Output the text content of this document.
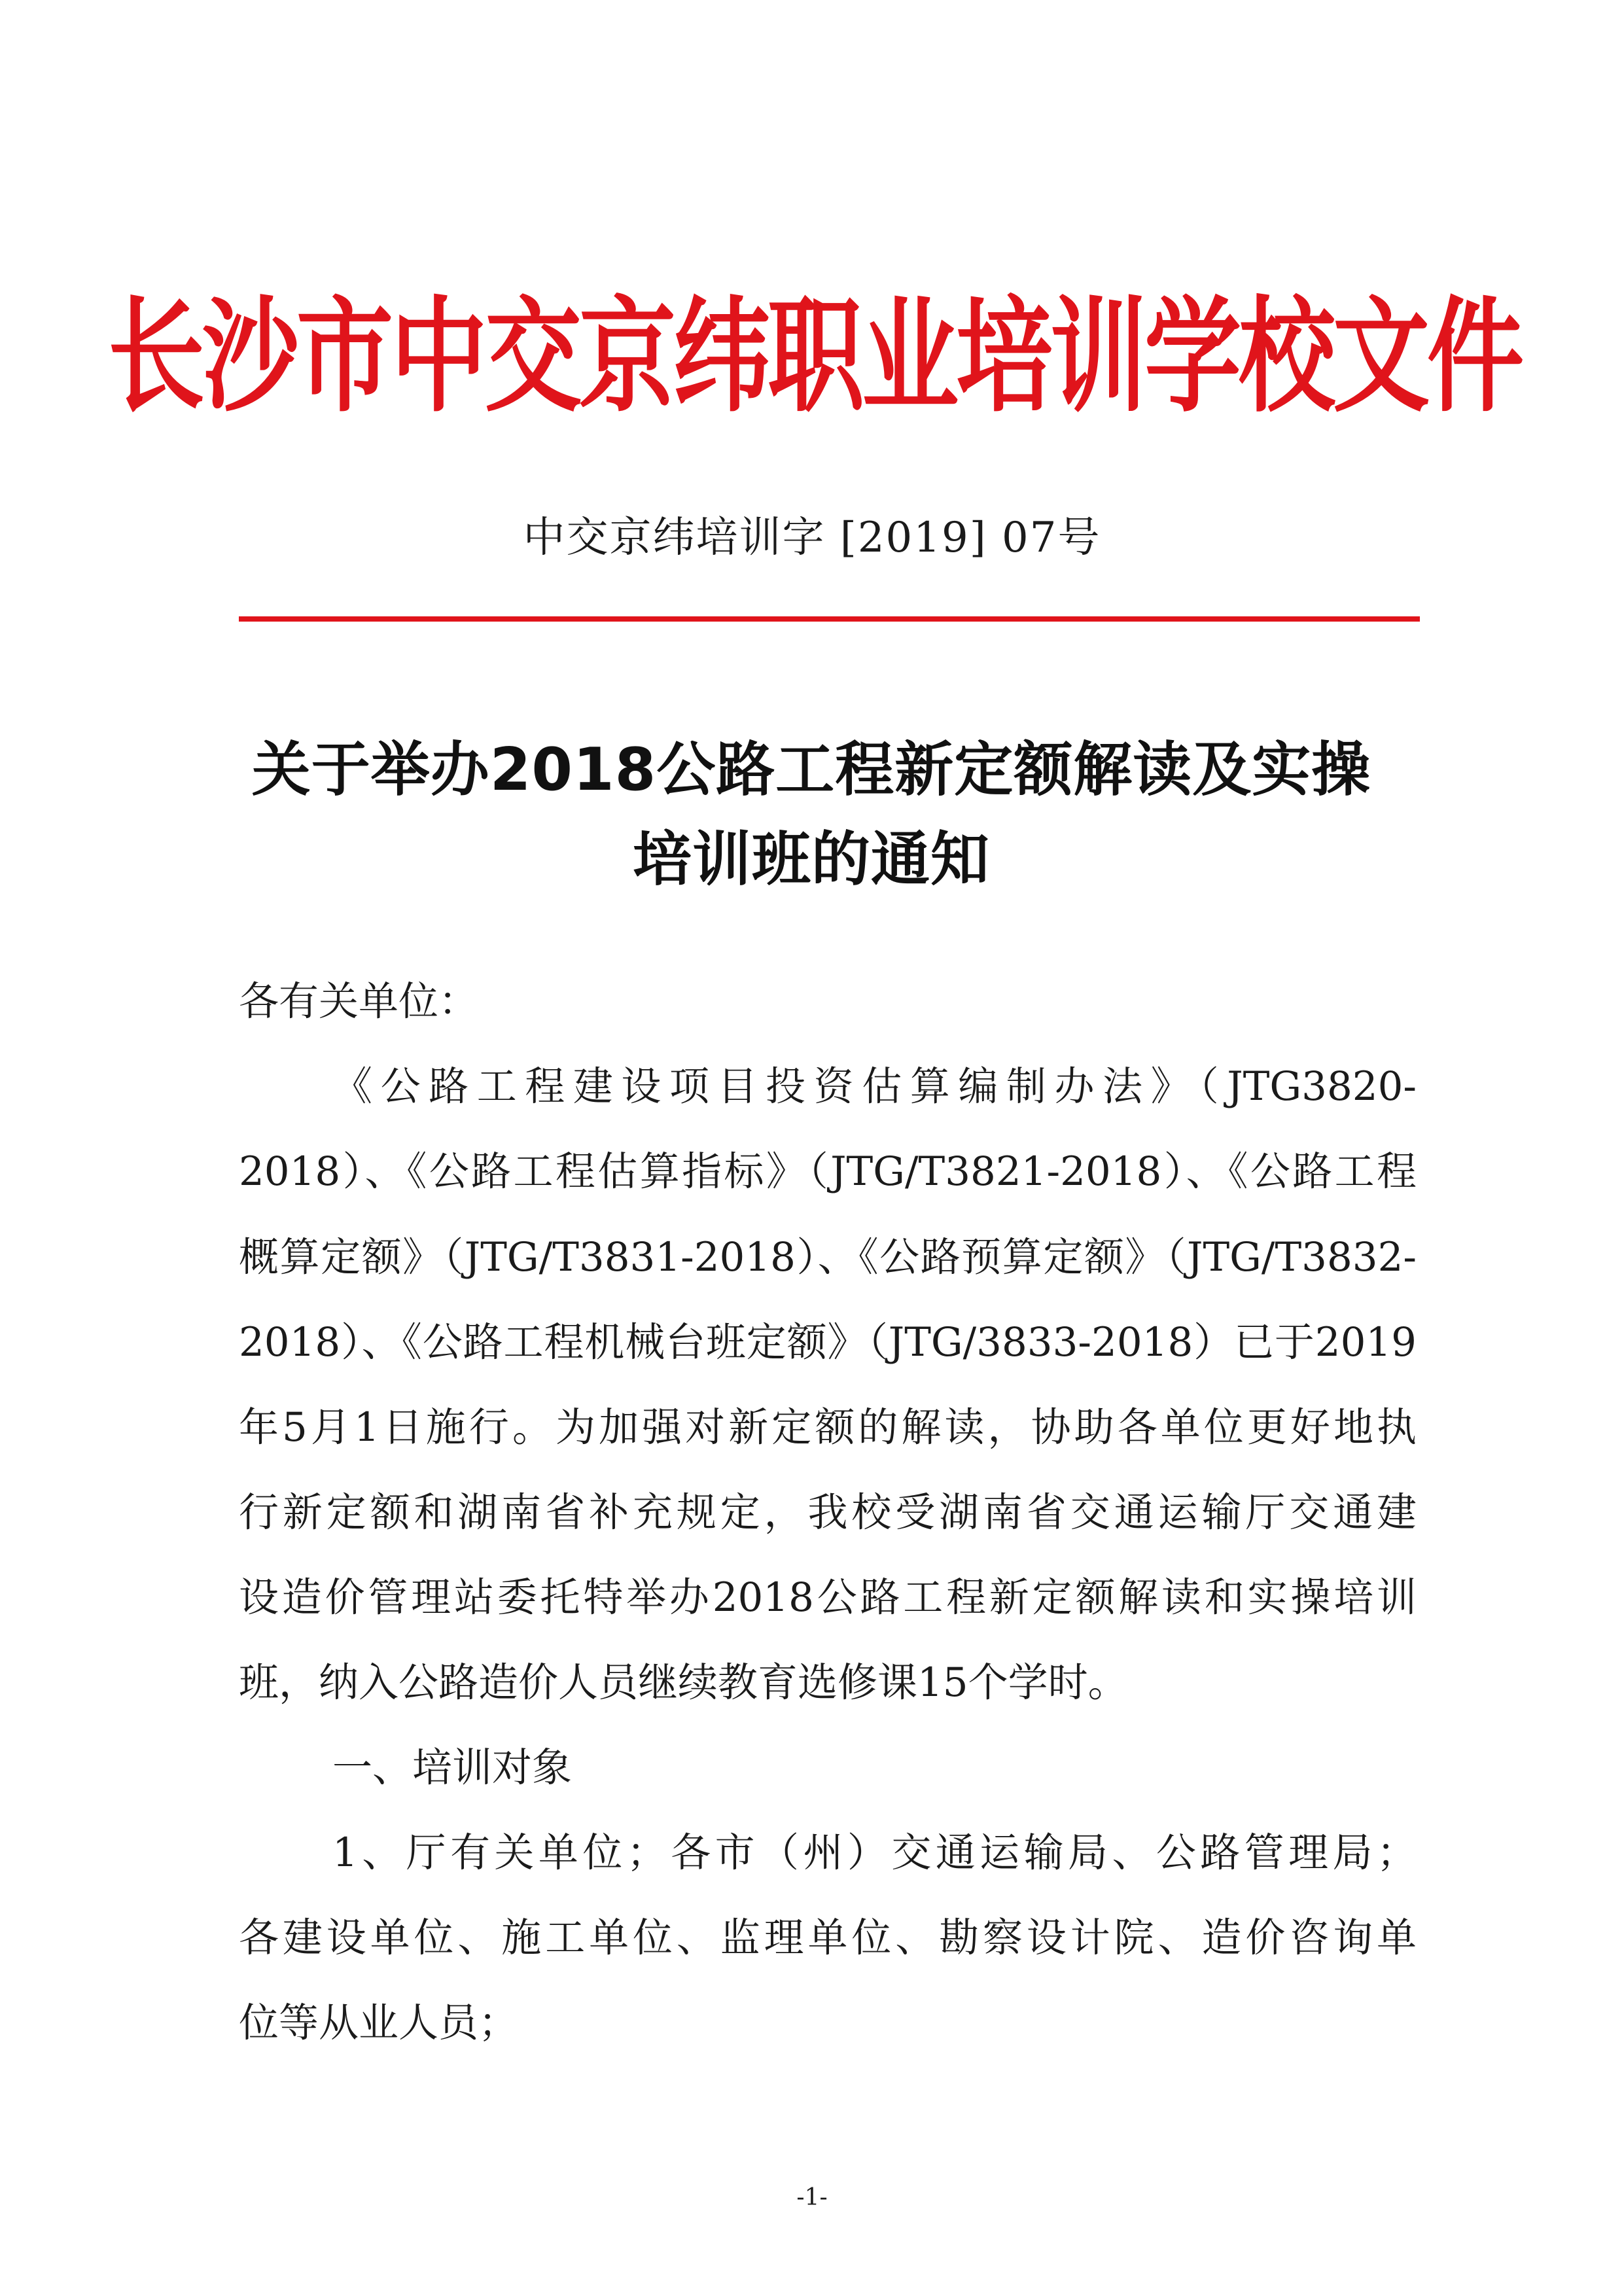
长沙市中交京纬职业培训学校文件
中交京纬培训字 [2019] 07号
关于举办2018公路工程新定额解读及实操
培训班的通知
各有关单位：
《公路工程建设项目投资估算编制办法》（JTG3820-
2018）、《公路工程估算指标》（JTG/T3821-2018）、《公路工程
概算定额》（JTG/T3831-2018）、《公路预算定额》（JTG/T3832-
2018）、《公路工程机械台班定额》（JTG/3833-2018）已于2019
年5月1日施行。为加强对新定额的解读，协助各单位更好地执
行新定额和湖南省补充规定，我校受湖南省交通运输厅交通建
设造价管理站委托特举办2018公路工程新定额解读和实操培训
班，纳入公路造价人员继续教育选修课15个学时。
一、培训对象
1、厅有关单位；各市（州）交通运输局、公路管理局；
各建设单位、施工单位、监理单位、勘察设计院、造价咨询单
位等从业人员；
-1-
